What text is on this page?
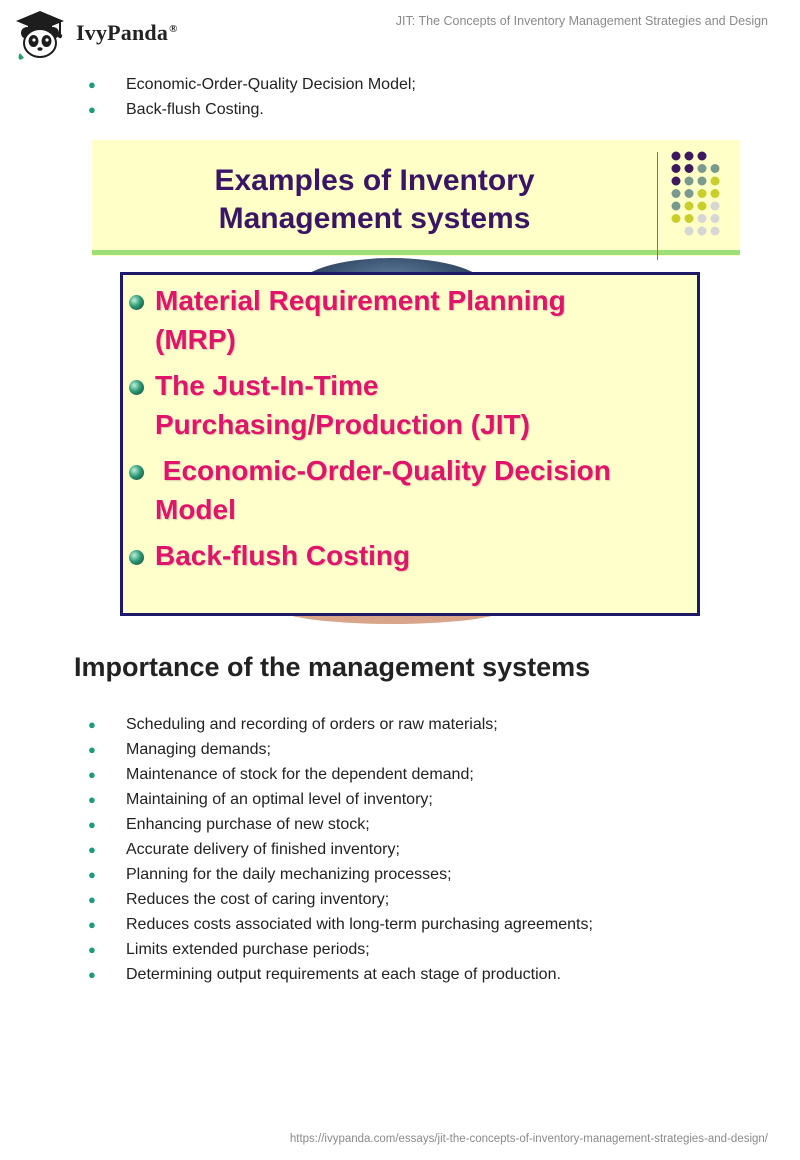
IvyPanda®
JIT: The Concepts of Inventory Management Strategies and Design
● Economic-Order-Quality Decision Model;
● Back-flush Costing.
Examples of Inventory
Management systems
Material Requirement Planning
(MRP)
The Just-In-Time
Purchasing/Production (JIT)
Economic-Order-Quality Decision
Model
Back-flush Costing
Importance of the management systems
● Scheduling and recording of orders or raw materials;
● Managing demands;
● Maintenance of stock for the dependent demand;
● Maintaining of an optimal level of inventory;
● Enhancing purchase of new stock;
● Accurate delivery of finished inventory;
● Planning for the daily mechanizing processes;
● Reduces the cost of caring inventory;
● Reduces costs associated with long-term purchasing agreements;
● Limits extended purchase periods;
● Determining output requirements at each stage of production.
https://ivypanda.com/essays/jit-the-concepts-of-inventory-management-strategies-and-design/
